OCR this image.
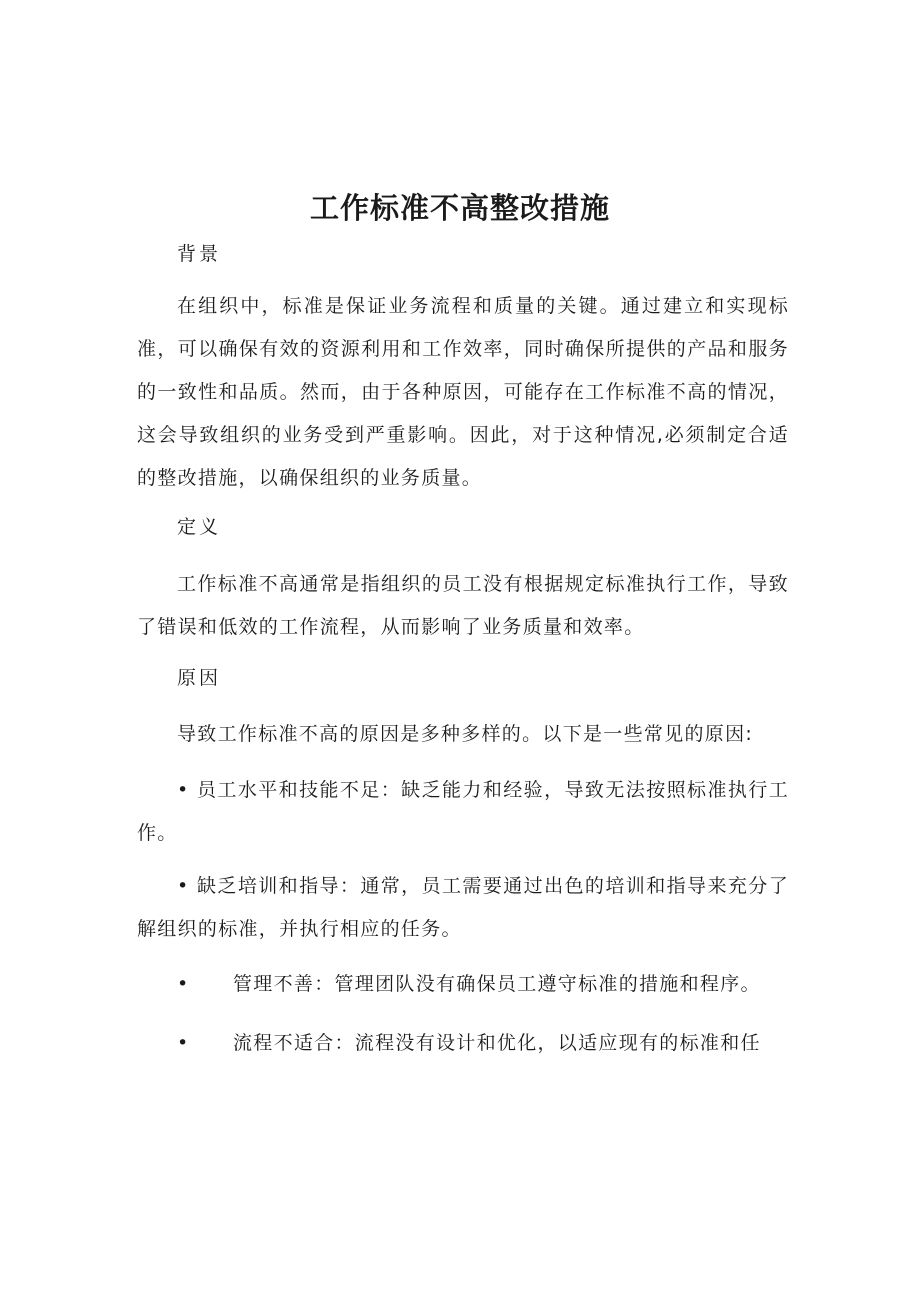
工作标准不高整改措施
背景
在组织中，标准是保证业务流程和质量的关键。通过建立和实现标准，可以确保有效的资源利用和工作效率，同时确保所提供的产品和服务的一致性和品质。然而，由于各种原因，可能存在工作标准不高的情况，这会导致组织的业务受到严重影响。因此，对于这种情况,必须制定合适的整改措施，以确保组织的业务质量。
定义
工作标准不高通常是指组织的员工没有根据规定标准执行工作，导致了错误和低效的工作流程，从而影响了业务质量和效率。
原因
导致工作标准不高的原因是多种多样的。以下是一些常见的原因:
• 员工水平和技能不足：缺乏能力和经验，导致无法按照标准执行工作。
• 缺乏培训和指导：通常，员工需要通过出色的培训和指导来充分了解组织的标准，并执行相应的任务。
• 管理不善：管理团队没有确保员工遵守标准的措施和程序。
• 流程不适合：流程没有设计和优化，以适应现有的标准和任
